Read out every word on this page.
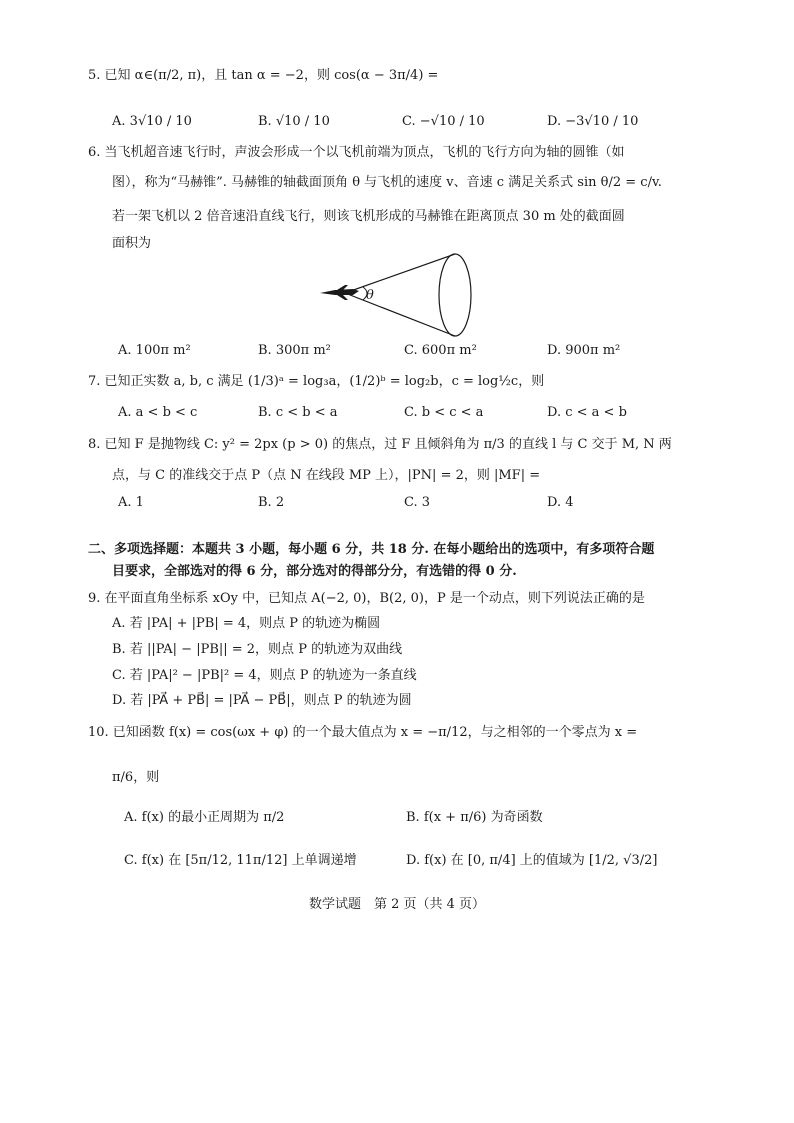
5. 已知 α∈(π/2, π)，且 tan α = −2，则 cos(α − 3π/4) =
A. 3√10 / 10	B. √10 / 10	C. −√10 / 10	D. −3√10 / 10
6. 当飞机超音速飞行时，声波会形成一个以飞机前端为顶点，飞机的飞行方向为轴的圆锥（如
图），称为“马赫锥”. 马赫锥的轴截面顶角 θ 与飞机的速度 v、音速 c 满足关系式 sin θ/2 = c/v.
若一架飞机以 2 倍音速沿直线飞行，则该飞机形成的马赫锥在距离顶点 30 m 处的截面圆
面积为
θ
A. 100π m²	B. 300π m²	C. 600π m²	D. 900π m²
7. 已知正实数 a, b, c 满足 (1/3)ᵃ = log₃a，(1/2)ᵇ = log₂b，c = log½c，则
A. a < b < c	B. c < b < a	C. b < c < a	D. c < a < b
8. 已知 F 是抛物线 C: y² = 2px (p > 0) 的焦点，过 F 且倾斜角为 π/3 的直线 l 与 C 交于 M, N 两
点，与 C 的准线交于点 P（点 N 在线段 MP 上），|PN| = 2，则 |MF| =
A. 1	B. 2	C. 3	D. 4
二、多项选择题：本题共 3 小题，每小题 6 分，共 18 分. 在每小题给出的选项中，有多项符合题
目要求，全部选对的得 6 分，部分选对的得部分分，有选错的得 0 分.
9. 在平面直角坐标系 xOy 中，已知点 A(−2, 0)，B(2, 0)，P 是一个动点，则下列说法正确的是
A. 若 |PA| + |PB| = 4，则点 P 的轨迹为椭圆
B. 若 ||PA| − |PB|| = 2，则点 P 的轨迹为双曲线
C. 若 |PA|² − |PB|² = 4，则点 P 的轨迹为一条直线
D. 若 |PA⃗ + PB⃗| = |PA⃗ − PB⃗|，则点 P 的轨迹为圆
10. 已知函数 f(x) = cos(ωx + φ) 的一个最大值点为 x = −π/12，与之相邻的一个零点为 x =
π/6，则
A. f(x) 的最小正周期为 π/2	B. f(x + π/6) 为奇函数
C. f(x) 在 [5π/12, 11π/12] 上单调递增	D. f(x) 在 [0, π/4] 上的值域为 [1/2, √3/2]
数学试题　第 2 页（共 4 页）
